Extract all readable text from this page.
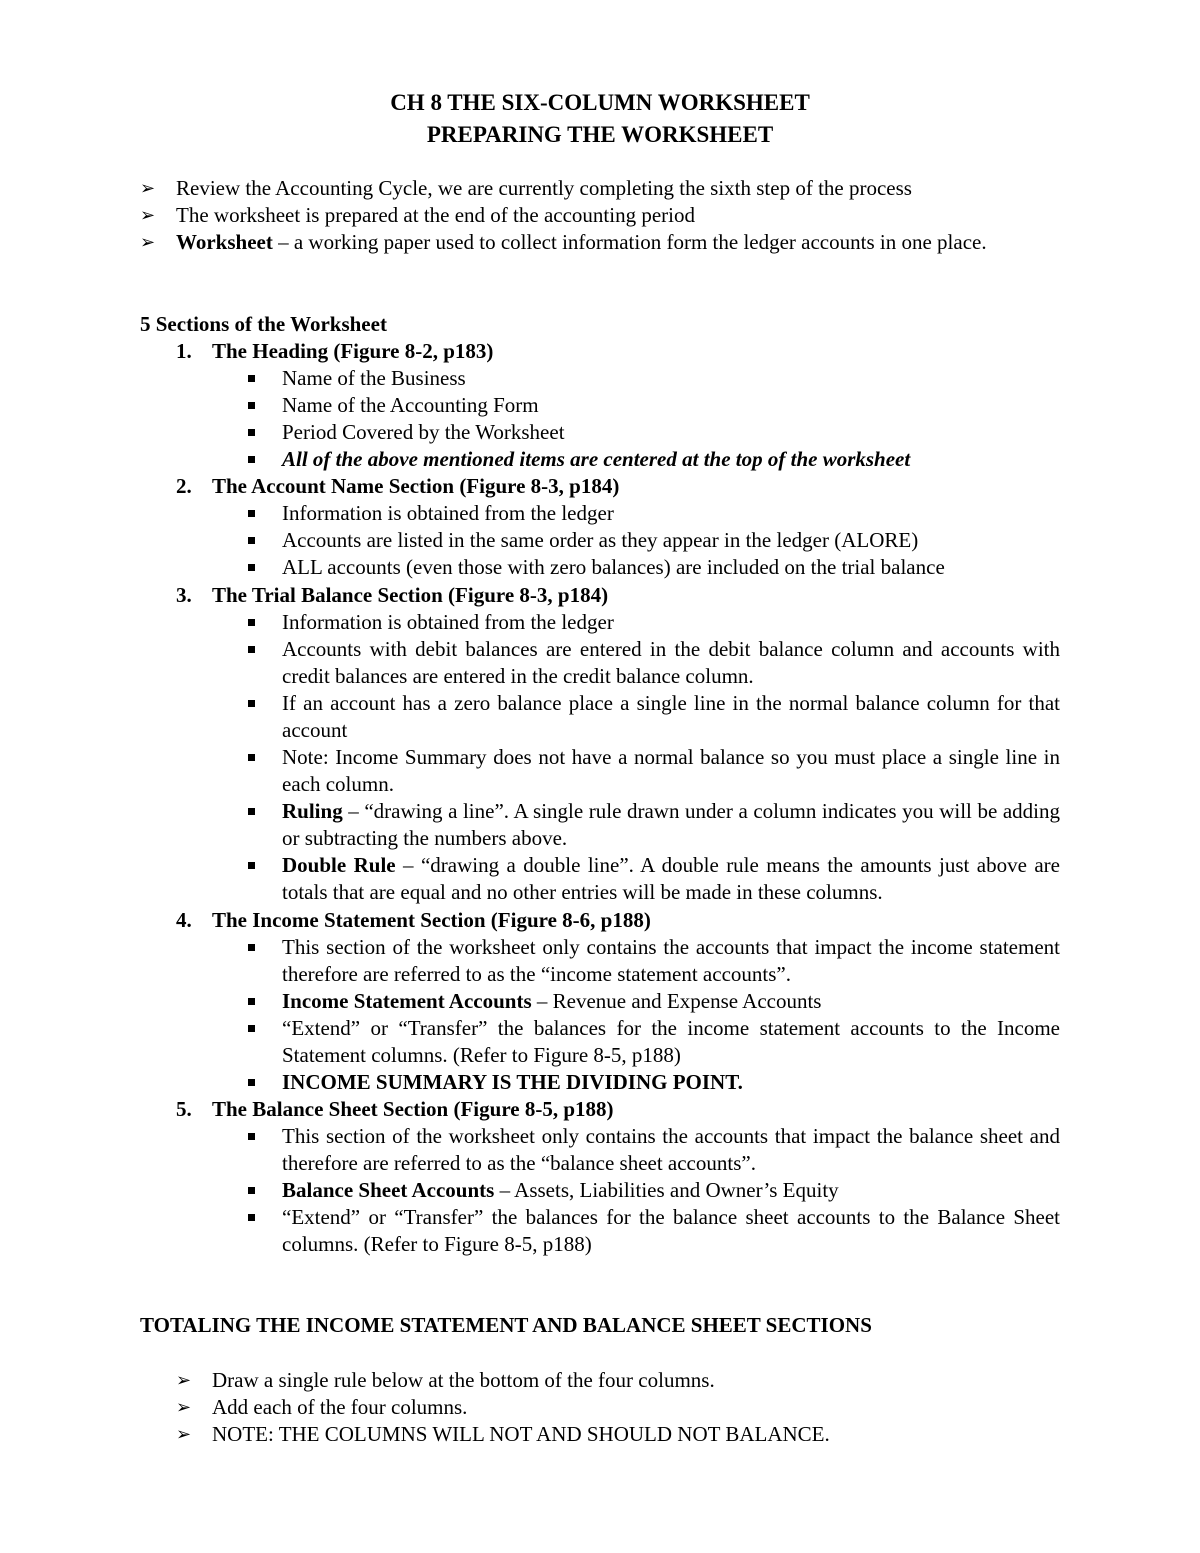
CH 8 THE SIX-COLUMN WORKSHEET
PREPARING THE WORKSHEET
➢ Review the Accounting Cycle, we are currently completing the sixth step of the process
➢ The worksheet is prepared at the end of the accounting period
➢ Worksheet – a working paper used to collect information form the ledger accounts in one place.
5 Sections of the Worksheet
1. The Heading (Figure 8-2, p183)
Name of the Business
Name of the Accounting Form
Period Covered by the Worksheet
All of the above mentioned items are centered at the top of the worksheet
2. The Account Name Section (Figure 8-3, p184)
Information is obtained from the ledger
Accounts are listed in the same order as they appear in the ledger (ALORE)
ALL accounts (even those with zero balances) are included on the trial balance
3. The Trial Balance Section (Figure 8-3, p184)
Information is obtained from the ledger
Accounts with debit balances are entered in the debit balance column and accounts with credit balances are entered in the credit balance column.
If an account has a zero balance place a single line in the normal balance column for that account
Note: Income Summary does not have a normal balance so you must place a single line in each column.
Ruling – “drawing a line”. A single rule drawn under a column indicates you will be adding or subtracting the numbers above.
Double Rule – “drawing a double line”. A double rule means the amounts just above are totals that are equal and no other entries will be made in these columns.
4. The Income Statement Section (Figure 8-6, p188)
This section of the worksheet only contains the accounts that impact the income statement therefore are referred to as the “income statement accounts”.
Income Statement Accounts – Revenue and Expense Accounts
“Extend” or “Transfer” the balances for the income statement accounts to the Income Statement columns. (Refer to Figure 8-5, p188)
INCOME SUMMARY IS THE DIVIDING POINT.
5. The Balance Sheet Section (Figure 8-5, p188)
This section of the worksheet only contains the accounts that impact the balance sheet and therefore are referred to as the “balance sheet accounts”.
Balance Sheet Accounts – Assets, Liabilities and Owner’s Equity
“Extend” or “Transfer” the balances for the balance sheet accounts to the Balance Sheet columns. (Refer to Figure 8-5, p188)
TOTALING THE INCOME STATEMENT AND BALANCE SHEET SECTIONS
➢ Draw a single rule below at the bottom of the four columns.
➢ Add each of the four columns.
➢ NOTE: THE COLUMNS WILL NOT AND SHOULD NOT BALANCE.
